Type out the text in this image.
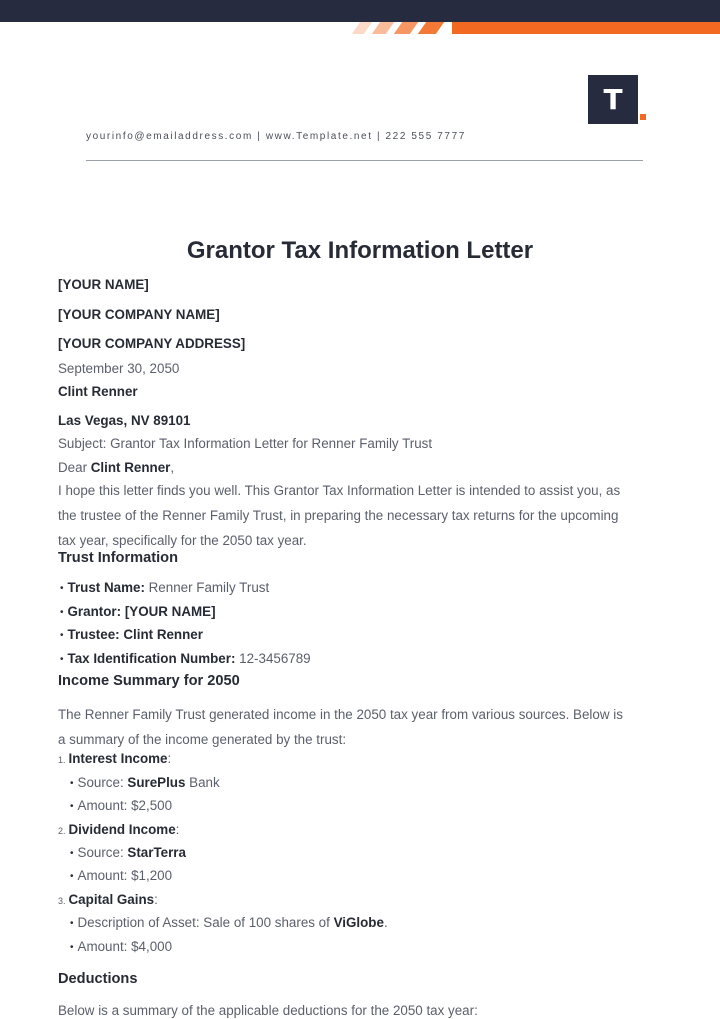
T
yourinfo@emailaddress.com | www.Template.net | 222 555 7777
Grantor Tax Information Letter
[YOUR NAME]
[YOUR COMPANY NAME]
[YOUR COMPANY ADDRESS]
September 30, 2050
Clint Renner
Las Vegas, NV 89101
Subject: Grantor Tax Information Letter for Renner Family Trust
Dear Clint Renner,
I hope this letter finds you well. This Grantor Tax Information Letter is intended to assist you, as
the trustee of the Renner Family Trust, in preparing the necessary tax returns for the upcoming
tax year, specifically for the 2050 tax year.
Trust Information
• Trust Name: Renner Family Trust
• Grantor: [YOUR NAME]
• Trustee: Clint Renner
• Tax Identification Number: 12-3456789
Income Summary for 2050
The Renner Family Trust generated income in the 2050 tax year from various sources. Below is
a summary of the income generated by the trust:
1. Interest Income:
• Source: SurePlus Bank
• Amount: $2,500
2. Dividend Income:
• Source: StarTerra
• Amount: $1,200
3. Capital Gains:
• Description of Asset: Sale of 100 shares of ViGlobe.
• Amount: $4,000
Deductions
Below is a summary of the applicable deductions for the 2050 tax year:
